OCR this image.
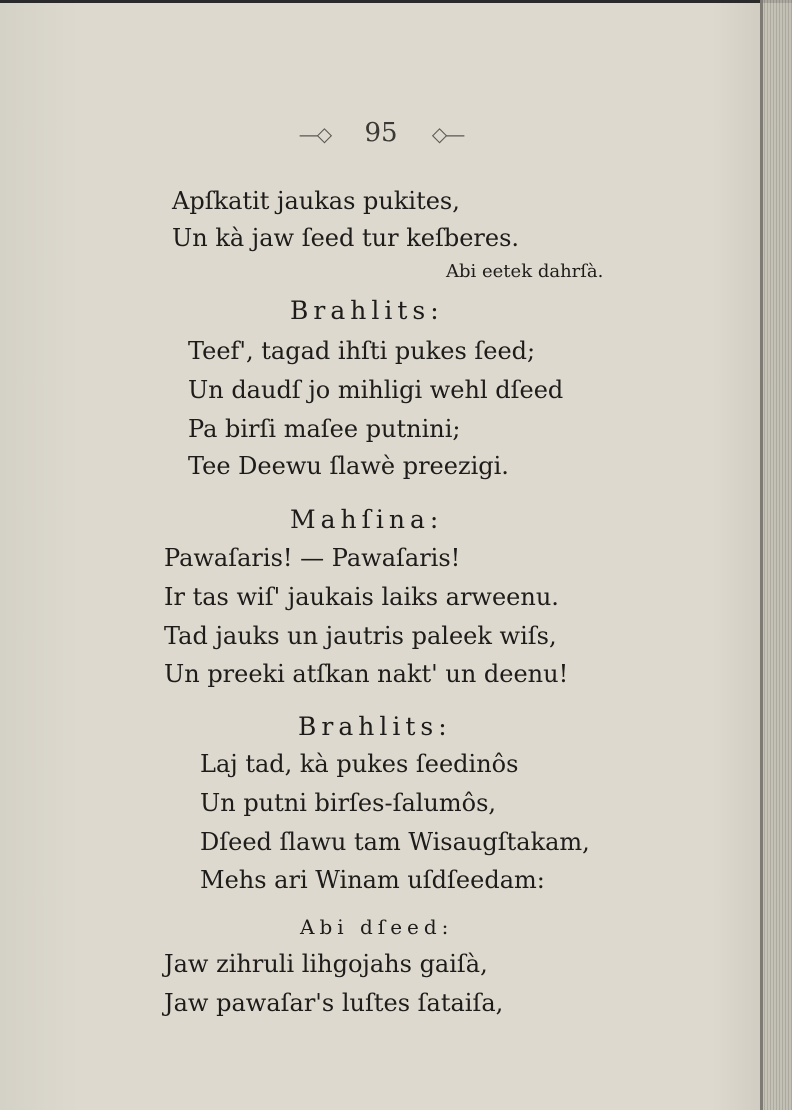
—◇ 95 ◇—
Apſkatit jaukas pukites,
Un kà jaw ſeed tur keſberes.
Abi eetek dahrſà.
Brahlits:
Teef', tagad ihſti pukes ſeed;
Un daudſ jo mihligi wehl dſeed
Pa birſi maſee putnini;
Tee Deewu ſlawè preezigi.
Mahſina:
Pawaſaris! — Pawaſaris!
Ir tas wiſ' jaukais laiks arweenu.
Tad jauks un jautris paleek wiſs,
Un preeki atſkan nakt' un deenu!
Brahlits:
Laj tad, kà pukes ſeedinôs
Un putni birſes-ſalumôs,
Dſeed ſlawu tam Wisaugſtakam,
Mehs ari Winam uſdſeedam:
Abi dſeed:
Jaw zihruli lihgojahs gaiſà,
Jaw pawaſar's luſtes ſataiſa,
